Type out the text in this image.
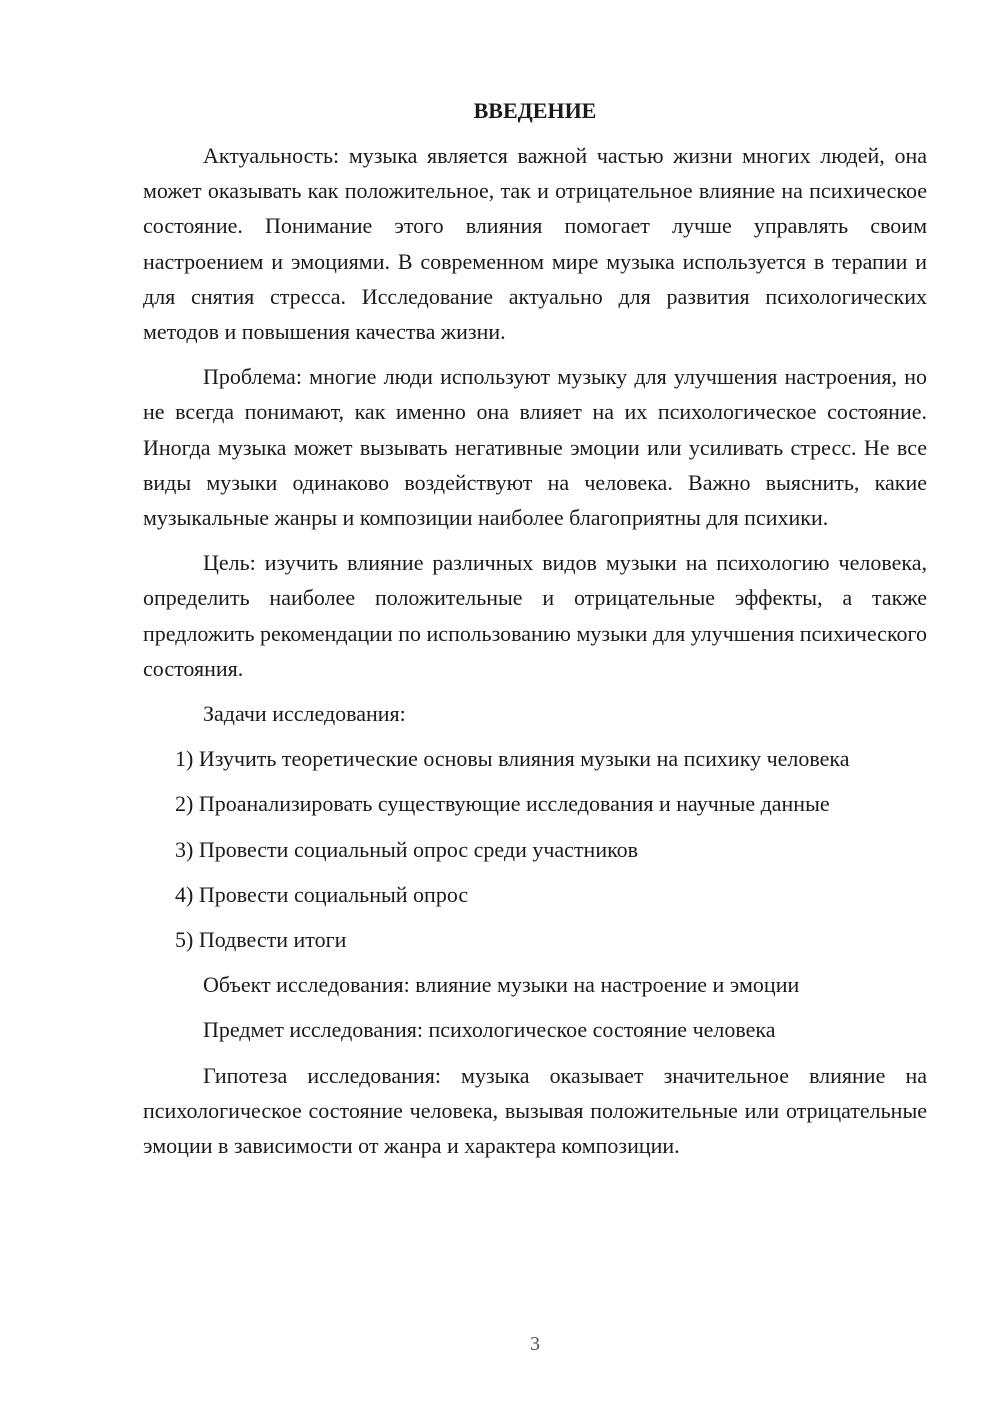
ВВЕДЕНИЕ

Актуальность: музыка является важной частью жизни многих людей, она может оказывать как положительное, так и отрицательное влияние на психическое состояние. Понимание этого влияния помогает лучше управлять своим настроением и эмоциями. В современном мире музыка используется в терапии и для снятия стресса. Исследование актуально для развития психологических методов и повышения качества жизни.

Проблема: многие люди используют музыку для улучшения настроения, но не всегда понимают, как именно она влияет на их психологическое состояние. Иногда музыка может вызывать негативные эмоции или усиливать стресс. Не все виды музыки одинаково воздействуют на человека. Важно выяснить, какие музыкальные жанры и композиции наиболее благоприятны для психики.

Цель: изучить влияние различных видов музыки на психологию человека, определить наиболее положительные и отрицательные эффекты, а также предложить рекомендации по использованию музыки для улучшения психического состояния.

Задачи исследования:

1) Изучить теоретические основы влияния музыки на психику человека

2) Проанализировать существующие исследования и научные данные

3) Провести социальный опрос среди участников

4) Провести социальный опрос

5) Подвести итоги

Объект исследования: влияние музыки на настроение и эмоции

Предмет исследования: психологическое состояние человека

Гипотеза исследования: музыка оказывает значительное влияние на психологическое состояние человека, вызывая положительные или отрицательные эмоции в зависимости от жанра и характера композиции.

3
